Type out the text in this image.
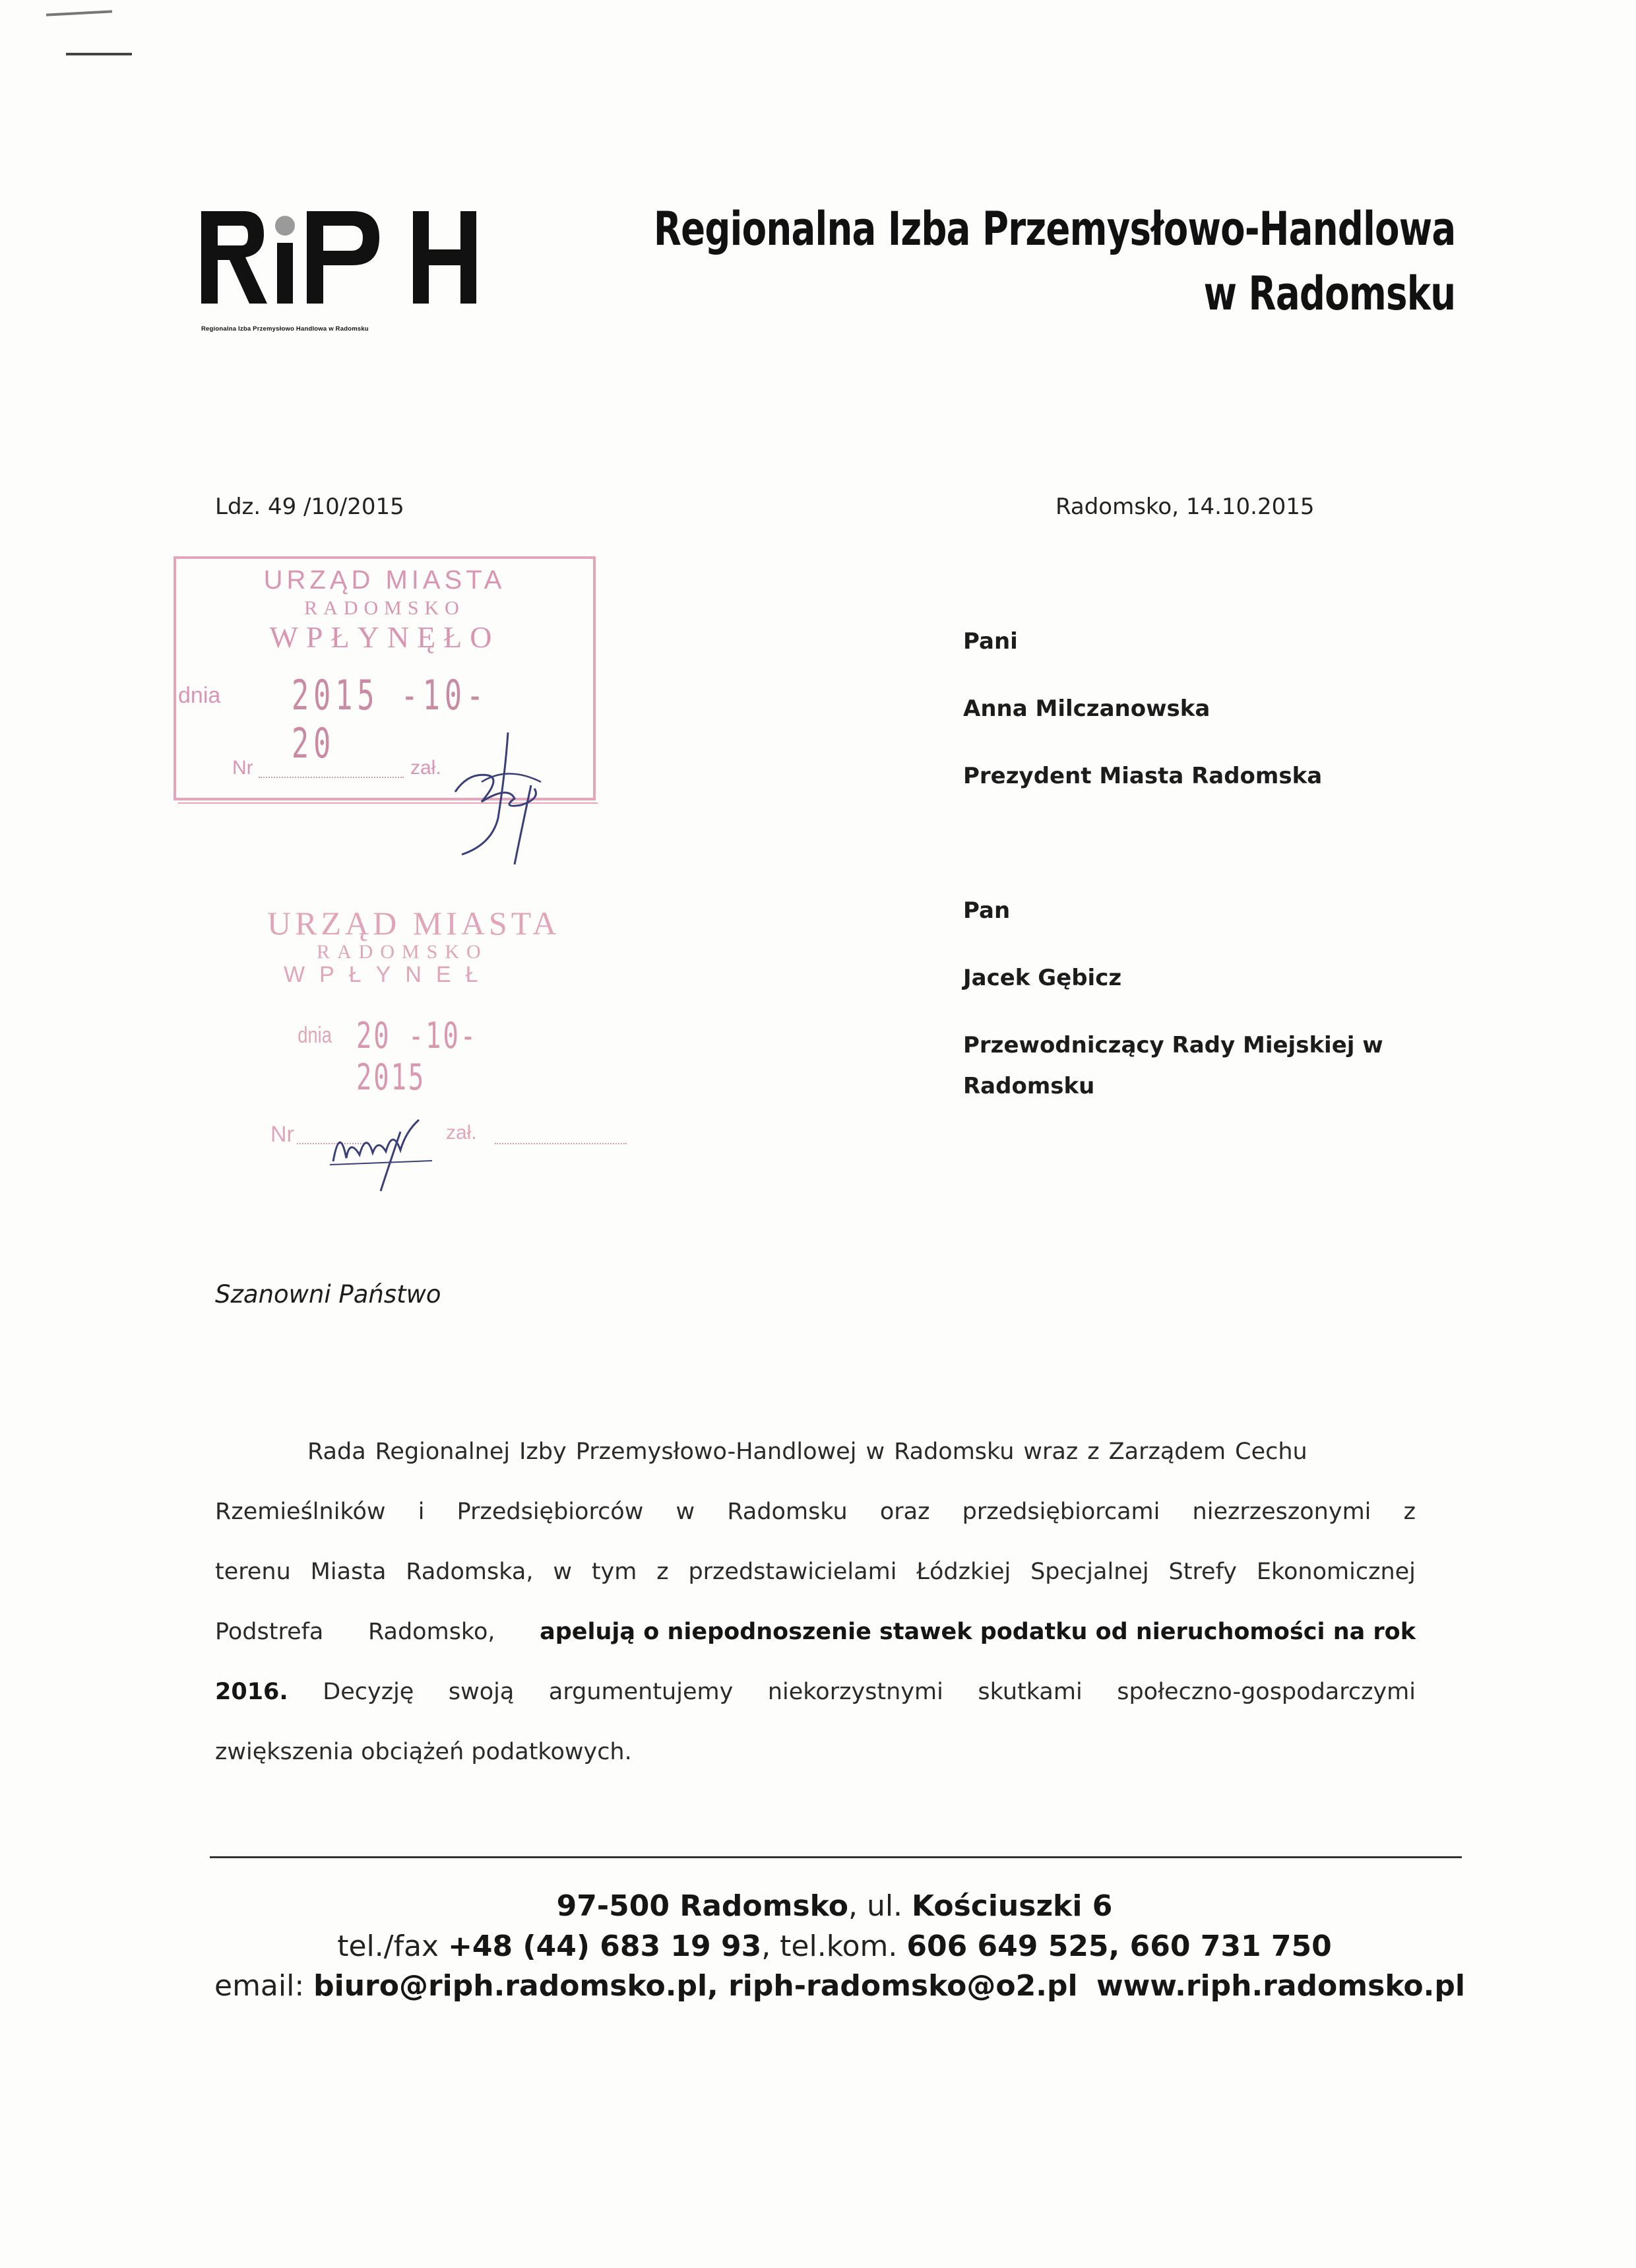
Regionalna Izba Przemysłowo Handlowa w Radomsku
Regionalna Izba Przemysłowo-Handlowa
w Radomsku
Ldz. 49 /10/2015	Radomsko, 14.10.2015
Pani
Anna Milczanowska
Prezydent Miasta Radomska
Pan
Jacek Gębicz
Przewodniczący Rady Miejskiej w
Radomsku
URZĄD MIASTA
RADOMSKO
WPŁYNĘŁO
dnia 2015 -10- 20
Nr	zał.
URZĄD MIASTA
RADOMSKO
WPŁYNEŁ
dnia 20 -10- 2015
Nr	zał.
Szanowni Państwo
Rada Regionalnej Izby Przemysłowo-Handlowej w Radomsku wraz z Zarządem Cechu
Rzemieślników i Przedsiębiorców w Radomsku oraz przedsiębiorcami niezrzeszonymi z
terenu Miasta Radomska, w tym z przedstawicielami Łódzkiej Specjalnej Strefy Ekonomicznej
Podstrefa Radomsko, apelują o niepodnoszenie stawek podatku od nieruchomości na rok
2016. Decyzję swoją argumentujemy niekorzystnymi skutkami społeczno-gospodarczymi
zwiększenia obciążeń podatkowych.
97-500 Radomsko, ul. Kościuszki 6
tel./fax +48 (44) 683 19 93, tel.kom. 606 649 525, 660 731 750
email: biuro@riph.radomsko.pl, riph-radomsko@o2.pl www.riph.radomsko.pl
